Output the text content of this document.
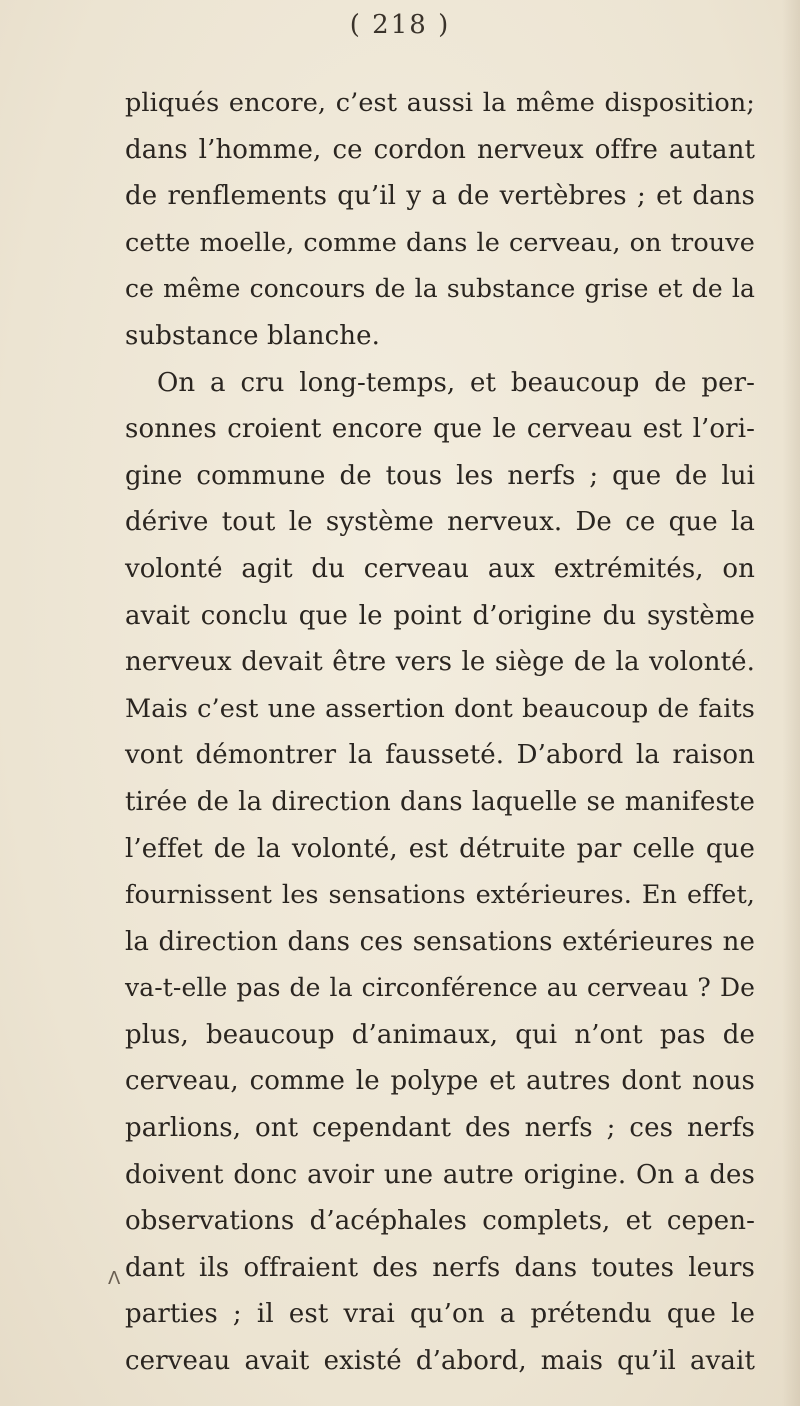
( 218 )
pliqués encore, c’est aussi la même disposition;
dans l’homme, ce cordon nerveux offre autant
de renflements qu’il y a de vertèbres ; et dans
cette moelle, comme dans le cerveau, on trouve
ce même concours de la substance grise et de la
substance blanche.
On a cru long-temps, et beaucoup de per-
sonnes croient encore que le cerveau est l’ori-
gine commune de tous les nerfs ; que de lui
dérive tout le système nerveux. De ce que la
volonté agit du cerveau aux extrémités, on
avait conclu que le point d’origine du système
nerveux devait être vers le siège de la volonté.
Mais c’est une assertion dont beaucoup de faits
vont démontrer la fausseté. D’abord la raison
tirée de la direction dans laquelle se manifeste
l’effet de la volonté, est détruite par celle que
fournissent les sensations extérieures. En effet,
la direction dans ces sensations extérieures ne
va-t-elle pas de la circonférence au cerveau ? De
plus, beaucoup d’animaux, qui n’ont pas de
cerveau, comme le polype et autres dont nous
parlions, ont cependant des nerfs ; ces nerfs
doivent donc avoir une autre origine. On a des
observations d’acéphales complets, et cepen-
dant ils offraient des nerfs dans toutes leurs
parties ; il est vrai qu’on a prétendu que le
cerveau avait existé d’abord, mais qu’il avait
Λ
